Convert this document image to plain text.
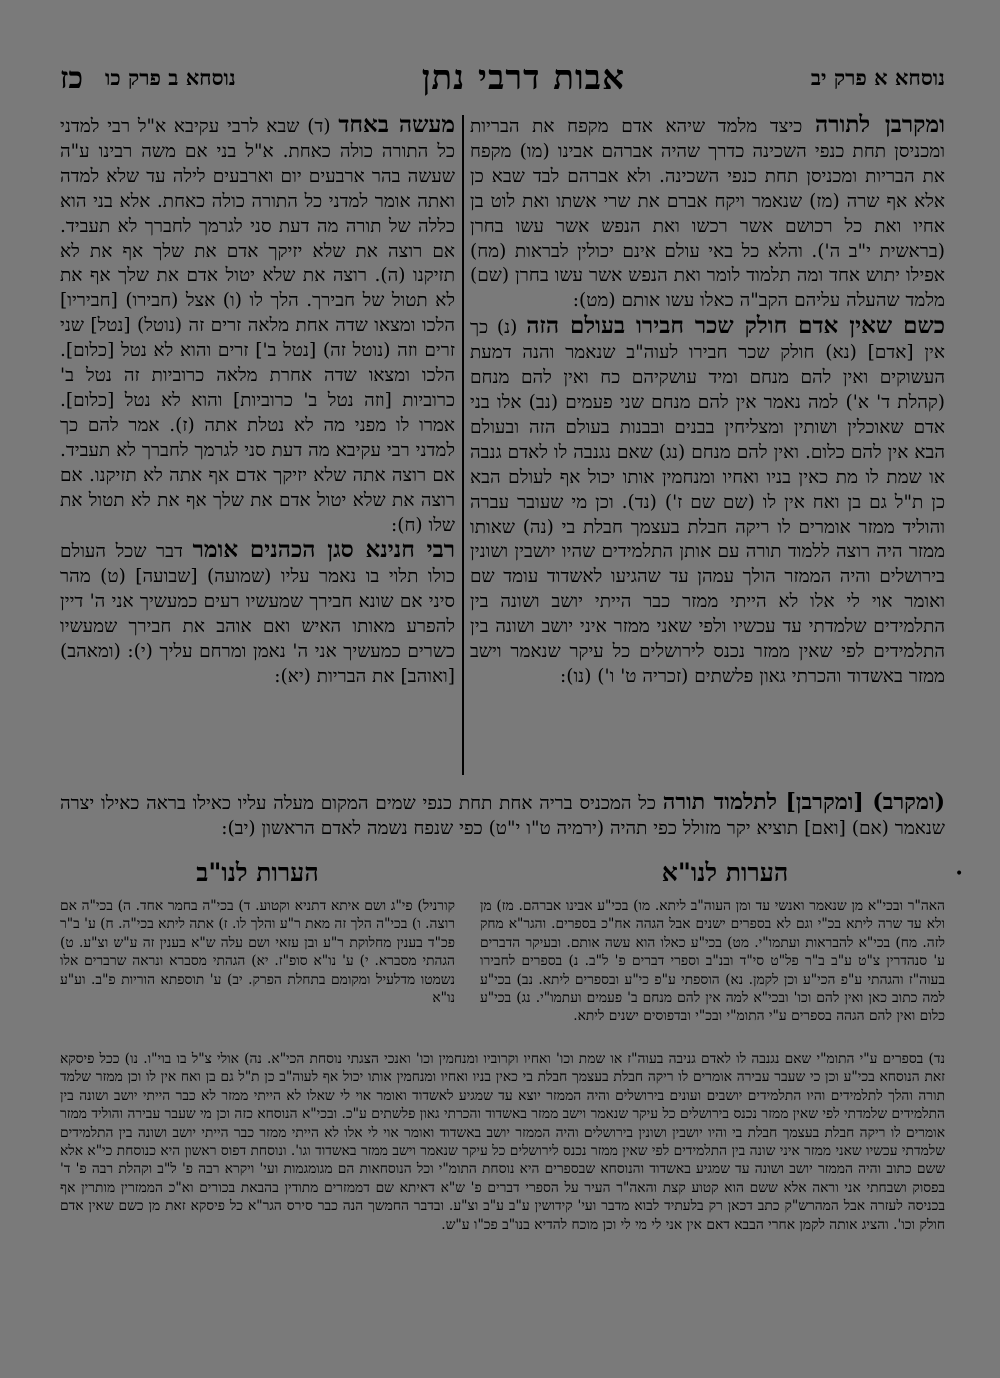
נוסחא א פרק יב
אבות דרבי נתן
נוסחא ב פרק כו
כז

ומקרבן לתורה כיצד מלמד שיהא אדם מקפח את הבריות ומכניסן תחת כנפי השכינה כדרך שהיה אברהם אבינו (מו) מקפח את הבריות ומכניסן תחת כנפי השכינה. ולא אברהם לבד שבא כן אלא אף שרה (מז) שנאמר ויקח אברם את שרי אשתו ואת לוט בן אחיו ואת כל רכושם אשר רכשו ואת הנפש אשר עשו בחרן (בראשית י"ב ה'). והלא כל באי עולם אינם יכולין לבראות (מח) אפילו יתוש אחד ומה תלמוד לומר ואת הנפש אשר עשו בחרן (שם) מלמד שהעלה עליהם הקב"ה כאלו עשו אותם (מט):

כשם שאין אדם חולק שכר חבירו בעולם הזה (נ) כך אין [אדם] (נא) חולק שכר חבירו לעוה"ב שנאמר והנה דמעת העשוקים ואין להם מנחם ומיד עושקיהם כח ואין להם מנחם (קהלת ד' א') למה נאמר אין להם מנחם שני פעמים (נב) אלו בני אדם שאוכלין ושותין ומצליחין בבנים ובבנות בעולם הזה ובעולם הבא אין להם כלום. ואין להם מנחם (נג) שאם נגנבה לו לאדם גנבה או שמת לו מת כאין בניו ואחיו ומנחמין אותו יכול אף לעולם הבא כן ת"ל גם בן ואח אין לו (שם שם ז') (נד). וכן מי שעובר עברה והוליד ממזר אומרים לו ריקה חבלת בעצמך חבלת בי (נה) שאותו ממזר היה רוצה ללמוד תורה עם אותן התלמידים שהיו יושבין ושונין בירושלים והיה הממזר הולך עמהן עד שהגיעו לאשדוד עומד שם ואומר אוי לי אלו לא הייתי ממזר כבר הייתי יושב ושונה בין התלמידים שלמדתי עד עכשיו ולפי שאני ממזר איני יושב ושונה בין התלמידים לפי שאין ממזר נכנס לירושלים כל עיקר שנאמר וישב ממזר באשדוד והכרתי גאון פלשתים (זכריה ט' ו') (נו):

מעשה באחד (ד) שבא לרבי עקיבא א"ל רבי למדני כל התורה כולה כאחת. א"ל בני אם משה רבינו ע"ה שעשה בהר ארבעים יום וארבעים לילה עד שלא למדה ואתה אומר למדני כל התורה כולה כאחת. אלא בני הוא כללה של תורה מה דעת סני לגרמך לחברך לא תעביד. אם רוצה את שלא יזיקך אדם את שלך אף את לא תזיקנו (ה). רוצה את שלא יטול אדם את שלך אף את לא תטול של חבירך. הלך לו (ו) אצל (חבירו) [חביריו] הלכו ומצאו שדה אחת מלאה זרים זה (נוטל) [נטל] שני זרים וזה (נוטל זה) [נטל ב'] זרים והוא לא נטל [כלום]. הלכו ומצאו שדה אחרת מלאה כרוביות זה נטל ב' כרוביות [וזה נטל ב' כרוביות] והוא לא נטל [כלום]. אמרו לו מפני מה לא נטלת אתה (ז). אמר להם כך למדני רבי עקיבא מה דעת סני לגרמך לחברך לא תעביד. אם רוצה אתה שלא יזיקך אדם אף אתה לא תזיקנו. אם רוצה את שלא יטול אדם את שלך אף את לא תטול את שלו (ח):

רבי חנינא סגן הכהנים אומר דבר שכל העולם כולו תלוי בו נאמר עליו (שמועה) [שבועה] (ט) מהר סיני אם שונא חבירך שמעשיו רעים כמעשיך אני ה' דיין להפרע מאותו האיש ואם אוהב את חבירך שמעשיו כשרים כמעשיך אני ה' נאמן ומרחם עליך (י): (ומאהב) [ואוהב] את הבריות (יא):

(ומקרב) [ומקרבן] לתלמוד תורה כל המכניס בריה אחת תחת כנפי שמים המקום מעלה עליו כאילו בראה כאילו יצרה שנאמר (אם) [ואם] תוציא יקר מזולל כפי תהיה (ירמיה ט"ו י"ט) כפי שנפח נשמה לאדם הראשון (יב):
הערות לנו"א
הערות לנו"ב	•
האה"ר ובכי"א מן שנאמר ואנשי עד ומן העוה"ב ליתא. מו) בכי"ע אבינו אברהם. מז) מן ולא עד שרה ליתא בכ"י וגם לא בספרים ישנים אבל הגהה אח"כ בספרים. והגר"א מחק לזה. מח) בכי"א להבראות ועתמו"י. מט) בכי"ע כאלו הוא עשה אותם. ובעיקר הדברים ע' סנהדרין צ"ט ע"ב ב"ר פל"ט סי"ד ובנ"ב וספרי דברים פ' ל"ב. נ) בספרים לחבירו בעוה"ז והגהתי ע"פ הכי"ע וכן לקמן. נא) הוספתי ע"פ כי"ע ובספרים ליתא. נב) בכי"ע למה כתוב כאן ואין להם וכו' ובכי"א למה אין להם מנחם ב' פעמים ועתמו"י. נג) בכי"ע כלום ואין להם הגהה בספרים ע"י התומ"י ובכ"י ובדפוסים ישנים ליתא.
קורניל) פי"ג ושם איתא דתניא וקטוע. ד) בכי"ה בחמר אחד. ה) בכי"ה אם רוצה. ו) בכי"ה הלך זה מאת ר"ע והלך לו. ז) אתה ליתא בכי"ה. ח) ע' ב"ר פכ"ד בענין מחלוקת ר"ע ובן עזאי ושם עלה ש"א בענין זה ע"ש וצ"ע. ט) הגהתי מסברא. י) ע' נו"א סופ"ז. יא) הגהתי מסברא ונראה שרברים אלו נשמטו מדלעיל ומקומם בתחלת הפרק. יב) ע' תוספתא הוריות פ"ב. וע"ע נו"א
נד) בספרים ע"י התומ"י שאם נגנבה לו לאדם גניבה בעוה"ז או שמת וכו' ואחיו וקרוביו ומנחמין וכו' ואנכי הצגתי נוסחת הכי"א. נה) אולי צ"ל בו בוי"ו. נו) ככל פיסקא זאת הנוסחא בכי"ע וכן כי שעבר עבירה אומרים לו ריקה חבלת בעצמך חבלת בי כאין בניו ואחיו ומנחמין אותו יכול אף לעוה"ב כן ת"ל גם בן ואח אין לו וכן ממזר שלמד תורה והלך לתלמידים והיו התלמידים יושבים ועונים בירושלים והיה הממזר יוצא עד שמגיע לאשדוד ואומר אוי לי שאלו לא הייתי ממזר לא כבר הייתי יושב ושונה בין התלמידים שלמדתי לפי שאין ממזר נכנס בירושלים כל עיקר שנאמר וישב ממזר באשדוד והכרתי גאון פלשתים ע"כ. ובכי"א הנוסחא כזה וכן מי שעבר עבירה והוליד ממזר אומרים לו ריקה חבלת בעצמך חבלת בי והיו יושבין ושונין בירושלים והיה הממזר יושב באשדוד ואומר אוי לי אלו לא הייתי ממזר כבר הייתי יושב ושונה בין התלמידים שלמדתי עכשיו שאני ממזר איני שונה בין התלמידים לפי שאין ממזר נכנס לירושלים כל עיקר שנאמר וישב ממזר באשדוד וגו'. ונוסחת דפוס ראשון היא כנוסחת כי"א אלא ששם כתוב והיה הממזר יושב ושונה עד שמגיע באשדוד והנוסחא שבספרים היא נוסחת התומ"י וכל הנוסחאות הם מגומגמות ועי' ויקרא רבה פ' ל"ב וקהלת רבה פ' ד' בפסוק ושבחתי אני וראה אלא ששם הוא קטוע קצת והאה"ר העיר על הספרי דברים פ' ש"א דאיתא שם דממזרים מתודין בהבאת בכורים וא"כ הממזרין מותרין אף בכניסה לעזרה אבל המהרש"ק כתב דכאן רק בלעתיד לבוא מדבר ועי' קידושין ע"ב ע"ב וצ"ע. ובדבר החמשך הנה כבר סירס הגר"א כל פיסקא זאת מן כשם שאין אדם חולק וכו'. והציג אותה לקמן אחרי הבבא דאם אין אני לי מי לי וכן מוכח להדיא בנו"ב פכ"ו ע"ש.
